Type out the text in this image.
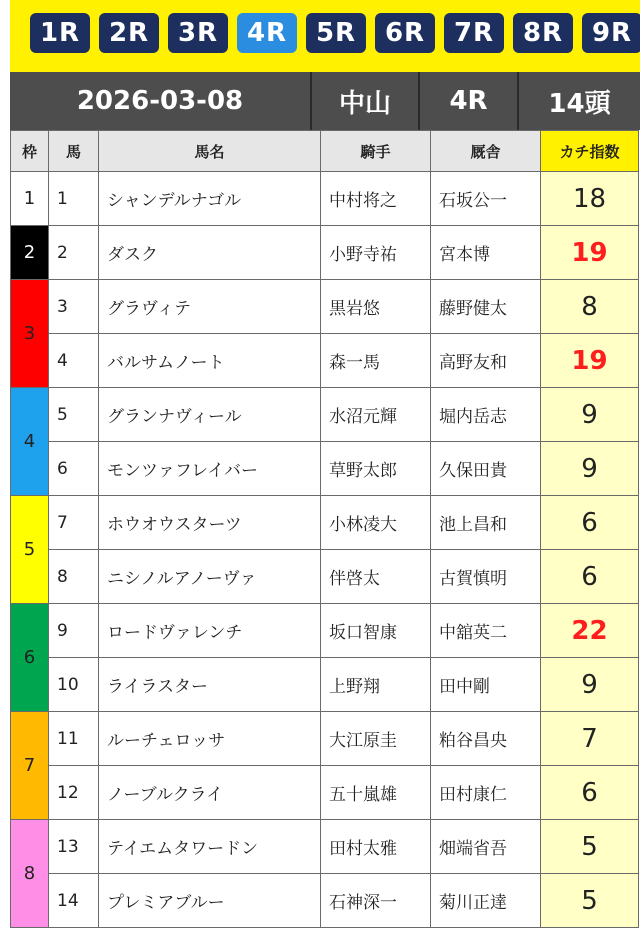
1R	2R	3R	4R	5R	6R	7R	8R	9R
2026-03-08	中山	4R	14頭
枠	馬	馬名	騎手	厩舎	カチ指数
1	1	シャンデルナゴル	中村将之	石坂公一	18
2	2	ダスク	小野寺祐	宮本博	19
3	3	グラヴィテ	黒岩悠	藤野健太	8
	4	バルサムノート	森一馬	高野友和	19
4	5	グランナヴィール	水沼元輝	堀内岳志	9
	6	モンツァフレイバー	草野太郎	久保田貴	9
5	7	ホウオウスターツ	小林凌大	池上昌和	6
	8	ニシノルアノーヴァ	伴啓太	古賀慎明	6
6	9	ロードヴァレンチ	坂口智康	中舘英二	22
	10	ライラスター	上野翔	田中剛	9
7	11	ルーチェロッサ	大江原圭	粕谷昌央	7
	12	ノーブルクライ	五十嵐雄	田村康仁	6
8	13	テイエムタワードン	田村太雅	畑端省吾	5
	14	プレミアブルー	石神深一	菊川正達	5
